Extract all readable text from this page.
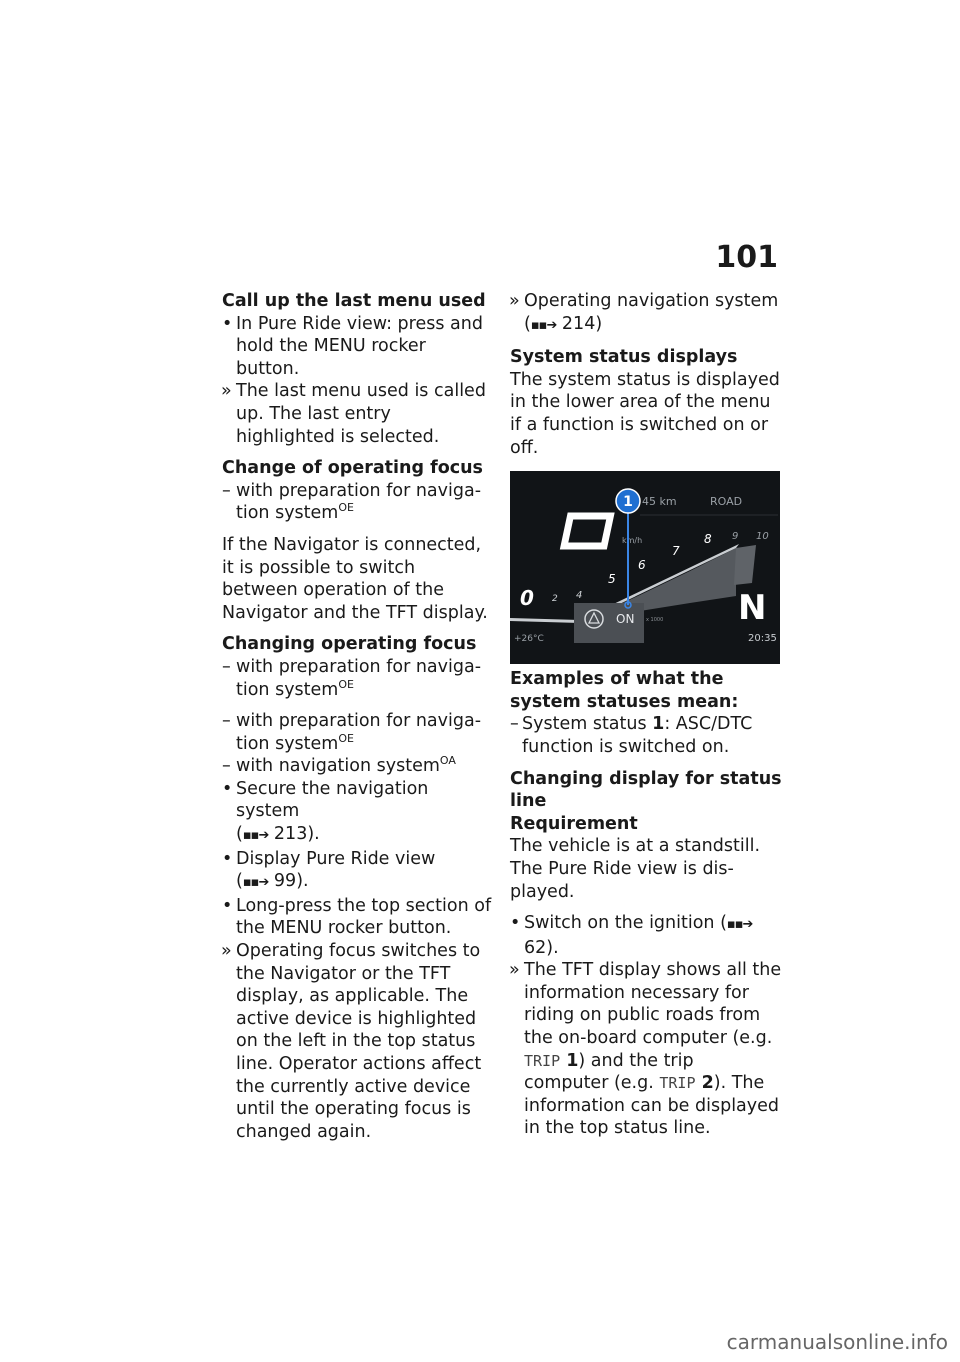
101
Call up the last menu used
• In Pure Ride view: press and hold the MENU rocker button.
» The last menu used is called up. The last entry highlighted is selected.
Change of operating focus
– with preparation for naviga-tion system$^{OE}$
If the Navigator is connected, it is possible to switch between operation of the Navigator and the TFT display.
Changing operating focus
– with preparation for naviga-tion system$^{OE}$
– with preparation for naviga-tion system$^{OE}$
– with navigation system$^{OA}$
• Secure the navigation system
(▪▪➔ 213).
• Display Pure Ride view
(▪▪➔ 99).
• Long-press the top section of the MENU rocker button.
» Operating focus switches to the Navigator or the TFT display, as applicable. The active device is highlighted on the left in the top status line. Operator actions affect the currently active device until the operating focus is changed again.
» Operating navigation system
(▪▪➔ 214)
System status displays
The system status is displayed in the lower area of the menu if a function is switched on or off.
45 km	ROAD
km/h
0 2 4
5
6
7
8 9 10
N
ON x 1000
+26°C	20:35
1
Examples of what the system statuses mean:
– System status 1: ASC/DTC function is switched on.
Changing display for status line
Requirement
The vehicle is at a standstill. The Pure Ride view is dis-played.
• Switch on the ignition (▪▪➔ 62).
» The TFT display shows all the information necessary for riding on public roads from the on-board computer (e.g. TRIP 1) and the trip computer (e.g. TRIP 2). The information can be displayed in the top status line.
carmanualsonline.info
